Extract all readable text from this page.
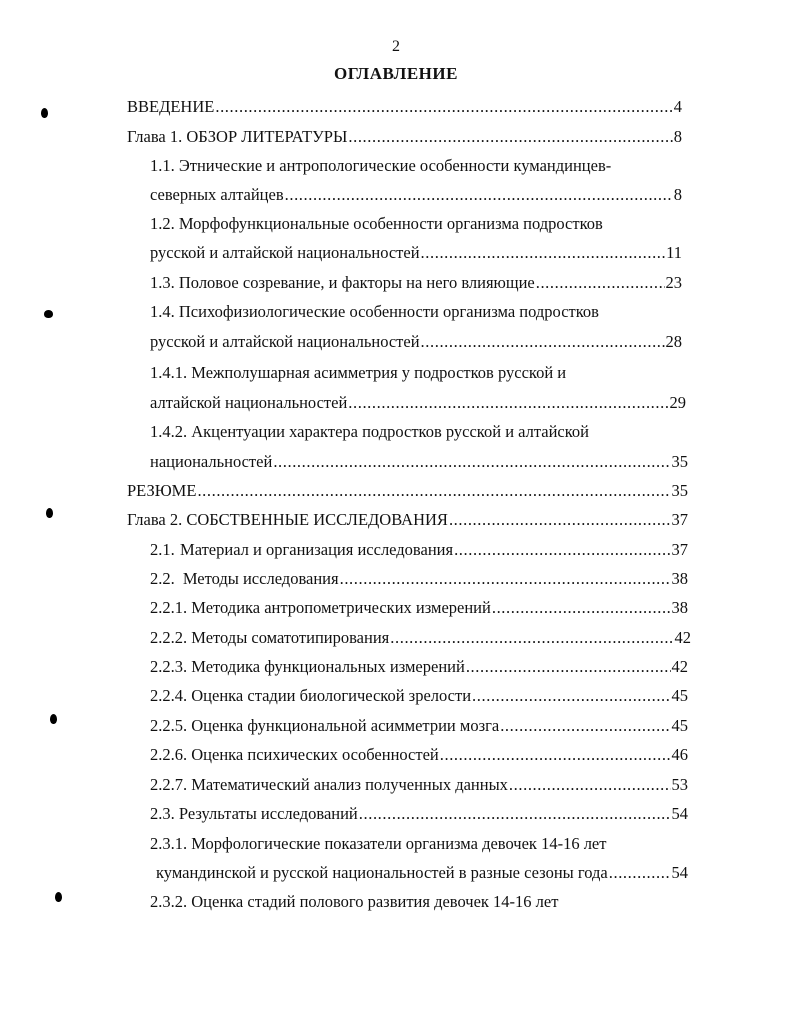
2
ОГЛАВЛЕНИЕ
ВВЕДЕНИЕ .....	4
Глава 1. ОБЗОР ЛИТЕРАТУРЫ .....	.8
1.1. Этнические и антропологические особенности кумандинцев-
северных алтайцев .....	8
1.2. Морфофункциональные особенности организма подростков
русской и алтайской национальностей .....	11
1.3. Половое созревание, и факторы на него влияющие .....	23
1.4. Психофизиологические особенности организма подростков
русской и алтайской национальностей .....	28
1.4.1. Межполушарная асимметрия у подростков русской и
алтайской национальностей .....	29
1.4.2. Акцентуации характера подростков русской и алтайской
национальностей .....	35
РЕЗЮМЕ .....	35
Глава 2. СОБСТВЕННЫЕ ИССЛЕДОВАНИЯ .....	37
2.1. Материал и организация исследования .....	37
2.2. Методы исследования .....	38
2.2.1. Методика антропометрических измерений .....	38
2.2.2. Методы соматотипирования .....	42
2.2.3. Методика функциональных измерений .....	42
2.2.4. Оценка стадии биологической зрелости .....	45
2.2.5. Оценка функциональной асимметрии мозга .....	45
2.2.6. Оценка психических особенностей .....	46
2.2.7. Математический анализ полученных данных .....	53
2.3. Результаты исследований .....	54
2.3.1. Морфологические показатели организма девочек 14-16 лет
кумандинской и русской национальностей в разные сезоны года .....	54
2.3.2. Оценка стадий полового развития девочек 14-16 лет
